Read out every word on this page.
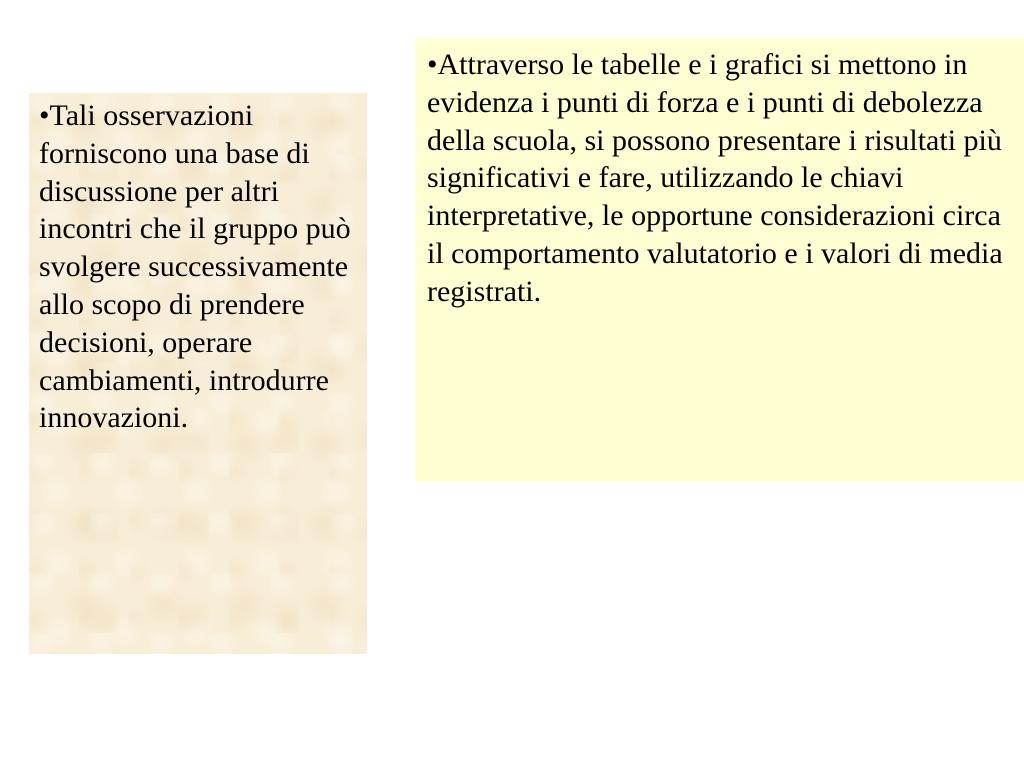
•Tali osservazioni forniscono una base di discussione per altri incontri che il gruppo può svolgere successivamente allo scopo di prendere decisioni, operare cambiamenti, introdurre innovazioni.

•Attraverso le tabelle e i grafici si mettono in evidenza i punti di forza e i punti di debolezza della scuola, si possono presentare i risultati più significativi e fare, utilizzando le chiavi interpretative, le opportune considerazioni circa il comportamento valutatorio e i valori di media registrati.
